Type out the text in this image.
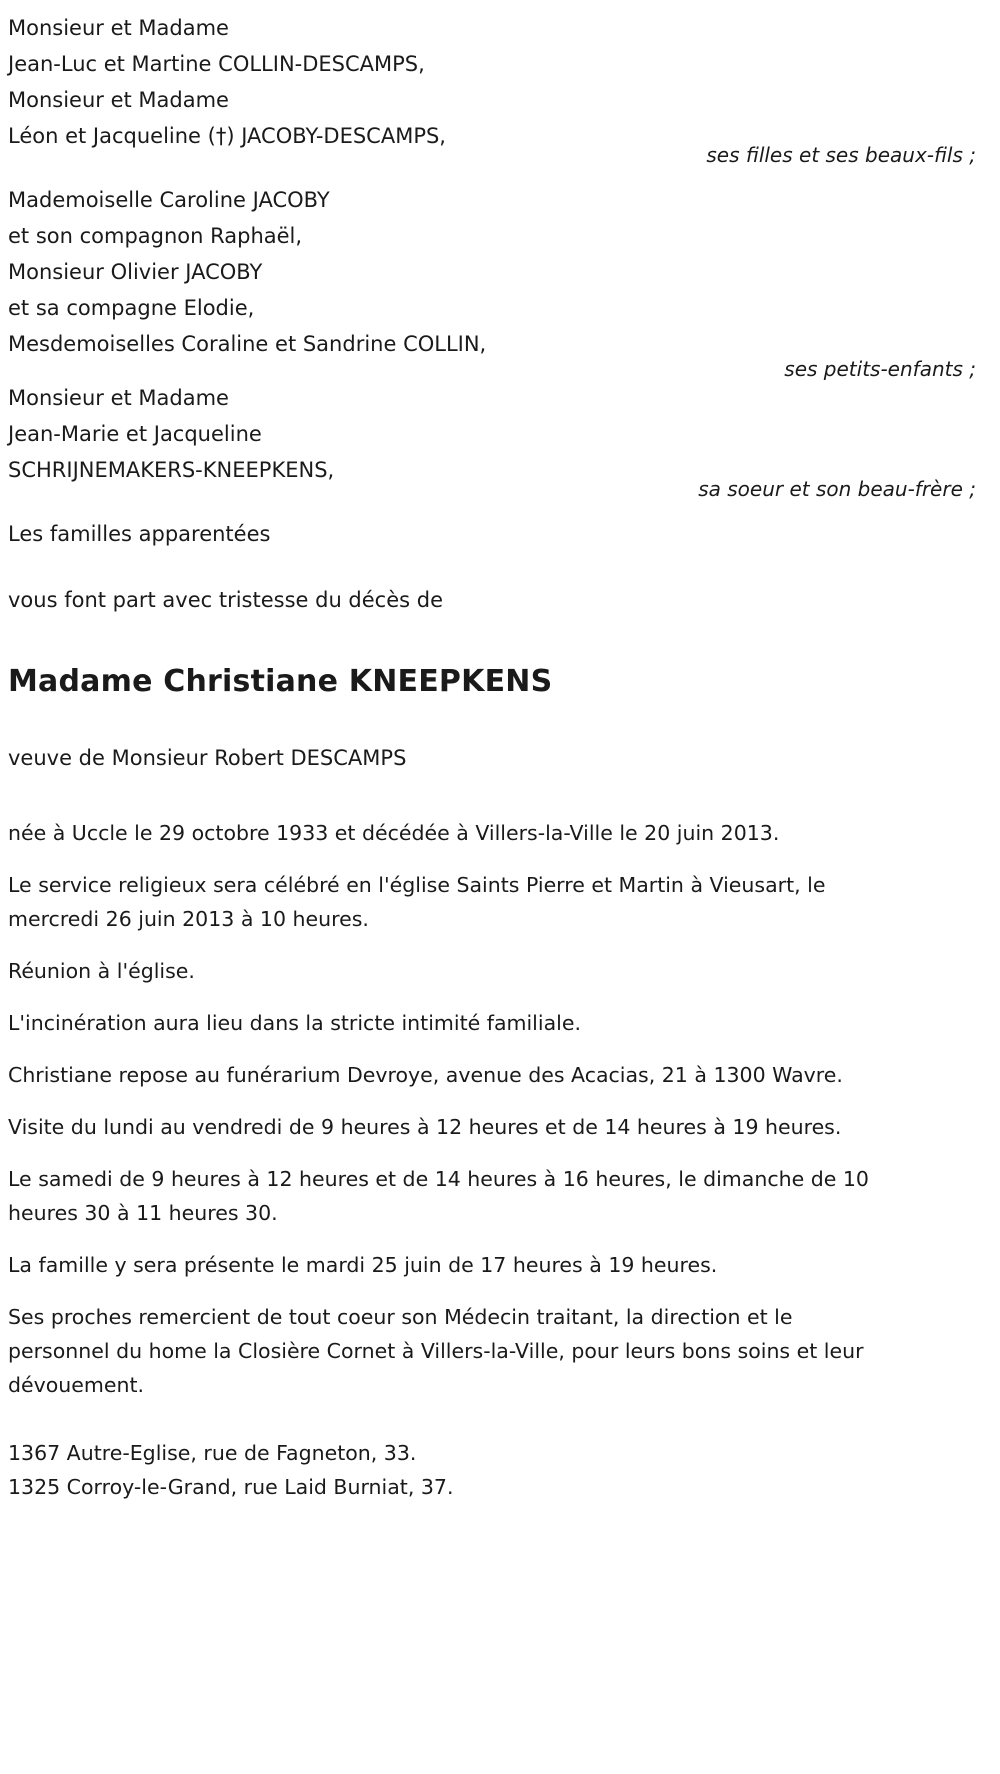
Monsieur et Madame
Jean-Luc et Martine COLLIN-DESCAMPS,
Monsieur et Madame
Léon et Jacqueline (†) JACOBY-DESCAMPS,
ses filles et ses beaux-fils ;
Mademoiselle Caroline JACOBY
et son compagnon Raphaël,
Monsieur Olivier JACOBY
et sa compagne Elodie,
Mesdemoiselles Coraline et Sandrine COLLIN,
ses petits-enfants ;
Monsieur et Madame
Jean-Marie et Jacqueline
SCHRIJNEMAKERS-KNEEPKENS,
sa soeur et son beau-frère ;
Les familles apparentées
vous font part avec tristesse du décès de
Madame Christiane KNEEPKENS
veuve de Monsieur Robert DESCAMPS

née à Uccle le 29 octobre 1933 et décédée à Villers-la-Ville le 20 juin 2013.

Le service religieux sera célébré en l'église Saints Pierre et Martin à Vieusart, le mercredi 26 juin 2013 à 10 heures.

Réunion à l'église.

L'incinération aura lieu dans la stricte intimité familiale.

Christiane repose au funérarium Devroye, avenue des Acacias, 21 à 1300 Wavre.

Visite du lundi au vendredi de 9 heures à 12 heures et de 14 heures à 19 heures.

Le samedi de 9 heures à 12 heures et de 14 heures à 16 heures, le dimanche de 10 heures 30 à 11 heures 30.

La famille y sera présente le mardi 25 juin de 17 heures à 19 heures.

Ses proches remercient de tout coeur son Médecin traitant, la direction et le personnel du home la Closière Cornet à Villers-la-Ville, pour leurs bons soins et leur dévouement.

1367 Autre-Eglise, rue de Fagneton, 33.
1325 Corroy-le-Grand, rue Laid Burniat, 37.
